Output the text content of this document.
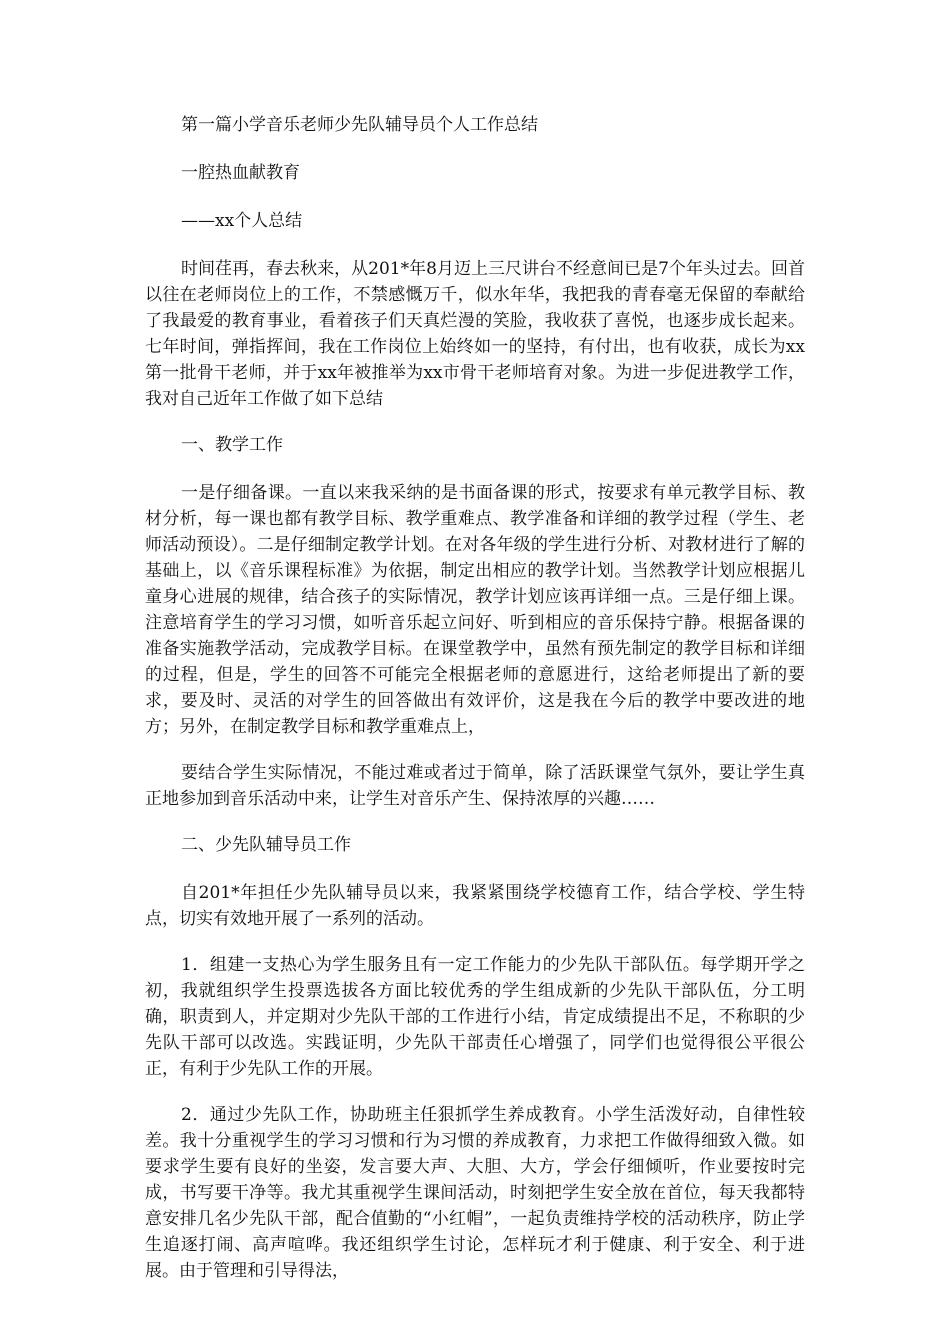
第一篇小学音乐老师少先队辅导员个人工作总结

一腔热血献教育

——xx个人总结

时间荏再，春去秋来，从201*年8月迈上三尺讲台不经意间已是7个年头过去。回首以往在老师岗位上的工作，不禁感慨万千，似水年华，我把我的青春毫无保留的奉献给了我最爱的教育事业，看着孩子们天真烂漫的笑脸，我收获了喜悦，也逐步成长起来。七年时间，弹指挥间，我在工作岗位上始终如一的坚持，有付出，也有收获，成长为xx第一批骨干老师，并于xx年被推举为xx市骨干老师培育对象。为进一步促进教学工作，我对自己近年工作做了如下总结

一、教学工作

一是仔细备课。一直以来我采纳的是书面备课的形式，按要求有单元教学目标、教材分析，每一课也都有教学目标、教学重难点、教学准备和详细的教学过程（学生、老师活动预设）。二是仔细制定教学计划。在对各年级的学生进行分析、对教材进行了解的基础上，以《音乐课程标准》为依据，制定出相应的教学计划。当然教学计划应根据儿童身心进展的规律，结合孩子的实际情况，教学计划应该再详细一点。三是仔细上课。注意培育学生的学习习惯，如听音乐起立问好、听到相应的音乐保持宁静。根据备课的准备实施教学活动，完成教学目标。在课堂教学中，虽然有预先制定的教学目标和详细的过程，但是，学生的回答不可能完全根据老师的意愿进行，这给老师提出了新的要求，要及时、灵活的对学生的回答做出有效评价，这是我在今后的教学中要改进的地方；另外，在制定教学目标和教学重难点上，

要结合学生实际情况，不能过难或者过于简单，除了活跃课堂气氛外，要让学生真正地参加到音乐活动中来，让学生对音乐产生、保持浓厚的兴趣……

二、少先队辅导员工作

自201*年担任少先队辅导员以来，我紧紧围绕学校德育工作，结合学校、学生特点，切实有效地开展了一系列的活动。

1．组建一支热心为学生服务且有一定工作能力的少先队干部队伍。每学期开学之初，我就组织学生投票选拔各方面比较优秀的学生组成新的少先队干部队伍，分工明确，职责到人，并定期对少先队干部的工作进行小结，肯定成绩提出不足，不称职的少先队干部可以改选。实践证明，少先队干部责任心增强了，同学们也觉得很公平很公正，有利于少先队工作的开展。

2．通过少先队工作，协助班主任狠抓学生养成教育。小学生活泼好动，自律性较差。我十分重视学生的学习习惯和行为习惯的养成教育，力求把工作做得细致入微。如要求学生要有良好的坐姿，发言要大声、大胆、大方，学会仔细倾听，作业要按时完成，书写要干净等。我尤其重视学生课间活动，时刻把学生安全放在首位，每天我都特意安排几名少先队干部，配合值勤的“小红帽”，一起负责维持学校的活动秩序，防止学生追逐打闹、高声喧哗。我还组织学生讨论，怎样玩才利于健康、利于安全、利于进展。由于管理和引导得法，
